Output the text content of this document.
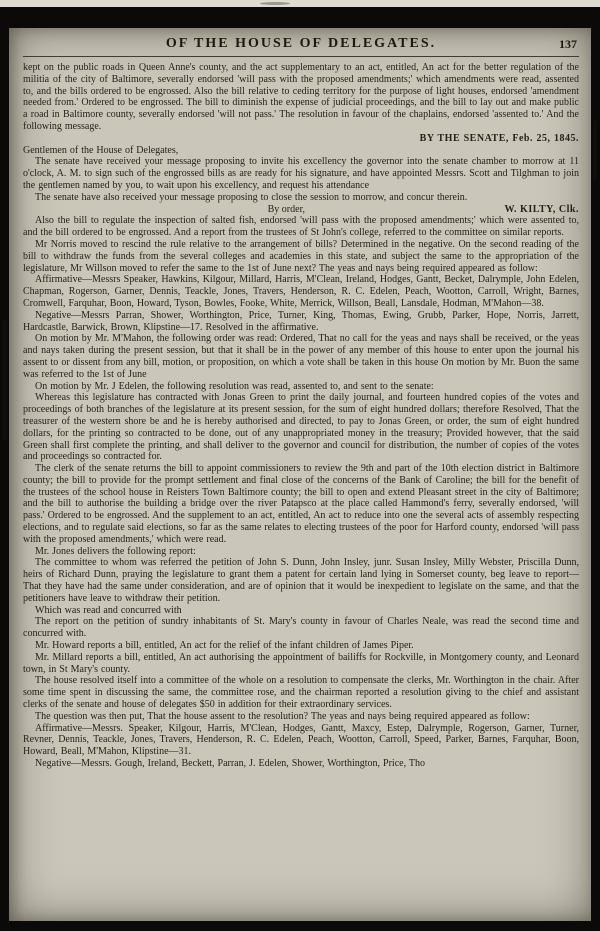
OF THE HOUSE OF DELEGATES.	137

kept on the public roads in Queen Anne's county, and the act supplementary to an act, entitled, An act for the better regulation of the militia of the city of Baltimore, severally endorsed 'will pass with the proposed amendments;' which amendments were read, assented to, and the bills ordered to be engrossed. Also the bill relative to ceding territory for the purpose of light houses, endorsed 'amendment needed from.' Ordered to be engrossed. The bill to diminish the expense of judicial proceedings, and the bill to lay out and make public a road in Baltimore county, severally endorsed 'will not pass.' The resolution in favour of the chaplains, endorsed 'assented to.' And the following message.

BY THE SENATE, Feb. 25, 1845.

Gentlemen of the House of Delegates,

The senate have received your message proposing to invite his excellency the governor into the senate chamber to morrow at 11 o'clock, A. M. to sign such of the engrossed bills as are ready for his signature, and have appointed Messrs. Scott and Tilghman to join the gentlemen named by you, to wait upon his excellency, and request his attendance

The senate have also received your message proposing to close the session to morrow, and concur therein.

By order,	W. KILTY, Clk.

Also the bill to regulate the inspection of salted fish, endorsed 'will pass with the proposed amendments;' which were assented to, and the bill ordered to be engrossed. And a report from the trustees of St John's college, referred to the committee on similar reports.

Mr Norris moved to rescind the rule relative to the arrangement of bills? Determined in the negative. On the second reading of the bill to withdraw the funds from the several colleges and academies in this state, and subject the same to the appropriation of the legislature, Mr Willson moved to refer the same to the 1st of June next? The yeas and nays being required appeared as follow:

Affirmative—Messrs Speaker, Hawkins, Kilgour, Millard, Harris, M'Clean, Ireland, Hodges, Gantt, Becket, Dalrymple, John Edelen, Chapman, Rogerson, Garner, Dennis, Teackle, Jones, Travers, Henderson, R. C. Edelen, Peach, Wootton, Carroll, Wright, Barnes, Cromwell, Farquhar, Boon, Howard, Tyson, Bowles, Fooke, White, Merrick, Willson, Beall, Lansdale, Hodman, M'Mahon—38.

Negative—Messrs Parran, Shower, Worthington, Price, Turner, King, Thomas, Ewing, Grubb, Parker, Hope, Norris, Jarrett, Hardcastle, Barwick, Brown, Klipstine—17. Resolved in the affirmative.

On motion by Mr. M'Mahon, the following order was read: Ordered, That no call for the yeas and nays shall be received, or the yeas and nays taken during the present session, but that it shall be in the power of any member of this house to enter upon the journal his assent to or dissent from any bill, motion, or proposition, on which a vote shall be taken in this house On motion by Mr. Buon the same was referred to the 1st of June

On motion by Mr. J Edelen, the following resolution was read, assented to, and sent to the senate:

Whereas this legislature has contracted with Jonas Green to print the daily journal, and fourteen hundred copies of the votes and proceedings of both branches of the legislature at its present session, for the sum of eight hundred dollars; therefore Resolved, That the treasurer of the western shore be and he is hereby authorised and directed, to pay to Jonas Green, or order, the sum of eight hundred dollars, for the printing so contracted to be done, out of any unappropriated money in the treasury; Provided however, that the said Green shall first complete the printing, and shall deliver to the governor and council for distribution, the number of copies of the votes and proceedings so contracted for.

The clerk of the senate returns the bill to appoint commissioners to review the 9th and part of the 10th election district in Baltimore county; the bill to provide for the prompt settlement and final close of the concerns of the Bank of Caroline; the bill for the benefit of the trustees of the school house in Reisters Town Baltimore county; the bill to open and extend Pleasant street in the city of Baltimore; and the bill to authorise the building a bridge over the river Patapsco at the place called Hammond's ferry, severally endorsed, 'will pass.' Ordered to be engrossed. And the supplement to an act, entitled, An act to reduce into one the several acts of assembly respecting elections, and to regulate said elections, so far as the same relates to electing trustees of the poor for Harford county, endorsed 'will pass with the proposed amendments,' which were read.

Mr. Jones delivers the following report:

The committee to whom was referred the petition of John S. Dunn, John Insley, junr. Susan Insley, Milly Webster, Priscilla Dunn, heirs of Richard Dunn, praying the legislature to grant them a patent for certain land lying in Somerset county, beg leave to report—That they have had the same under consideration, and are of opinion that it would be inexpedient to legislate on the same, and that the petitioners have leave to withdraw their petition.

Which was read and concurred with

The report on the petition of sundry inhabitants of St. Mary's county in favour of Charles Neale, was read the second time and concurred with.

Mr. Howard reports a bill, entitled, An act for the relief of the infant children of James Piper.

Mr. Millard reports a bill, entitled, An act authorising the appointment of bailiffs for Rockville, in Montgomery county, and Leonard town, in St Mary's county.

The house resolved itself into a committee of the whole on a resolution to compensate the clerks, Mr. Worthington in the chair. After some time spent in discussing the same, the committee rose, and the chairman reported a resolution giving to the chief and assistant clerks of the senate and house of delegates $50 in addition for their extraordinary services.

The question was then put, That the house assent to the resolution? The yeas and nays being required appeared as follow:

Affirmative—Messrs. Speaker, Kilgour, Harris, M'Clean, Hodges, Gantt, Maxcy, Estep, Dalrymple, Rogerson, Garner, Turner, Revner, Dennis, Teackle, Jones, Travers, Henderson, R. C. Edelen, Peach, Wootton, Carroll, Speed, Parker, Barnes, Farquhar, Boon, Howard, Beall, M'Mahon, Klipstine—31.

Negative—Messrs. Gough, Ireland, Beckett, Parran, J. Edelen, Shower, Worthington, Price, Tho
